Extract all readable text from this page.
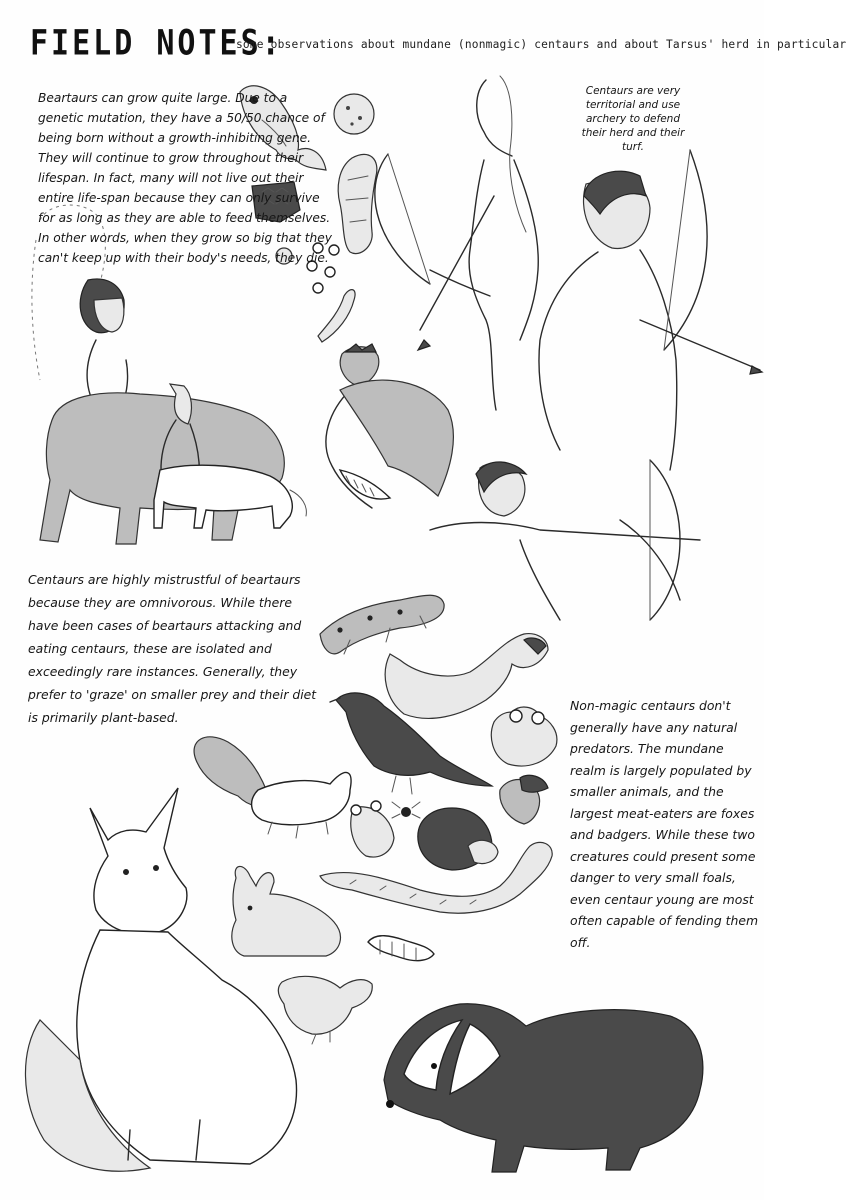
FIELD NOTES:
some observations about mundane (nonmagic) centaurs and about Tarsus' herd in particular

Beartaurs can grow quite large. Due to a genetic mutation, they have a 50/50 chance of being born without a growth-inhibiting gene. They will continue to grow throughout their lifespan. In fact, many will not live out their entire life-span because they can only survive for as long as they are able to feed themselves. In other words, when they grow so big that they can't keep up with their body's needs, they die.

Centaurs are very territorial and use archery to defend their herd and their turf.

Centaurs are highly mistrustful of beartaurs because they are omnivorous. While there have been cases of beartaurs attacking and eating centaurs, these are isolated and exceedingly rare instances. Generally, they prefer to 'graze' on smaller prey and their diet is primarily plant-based.

Non-magic centaurs don't generally have any natural predators. The mundane realm is largely populated by smaller animals, and the largest meat-eaters are foxes and badgers. While these two creatures could present some danger to very small foals, even centaur young are most often capable of fending them off.
